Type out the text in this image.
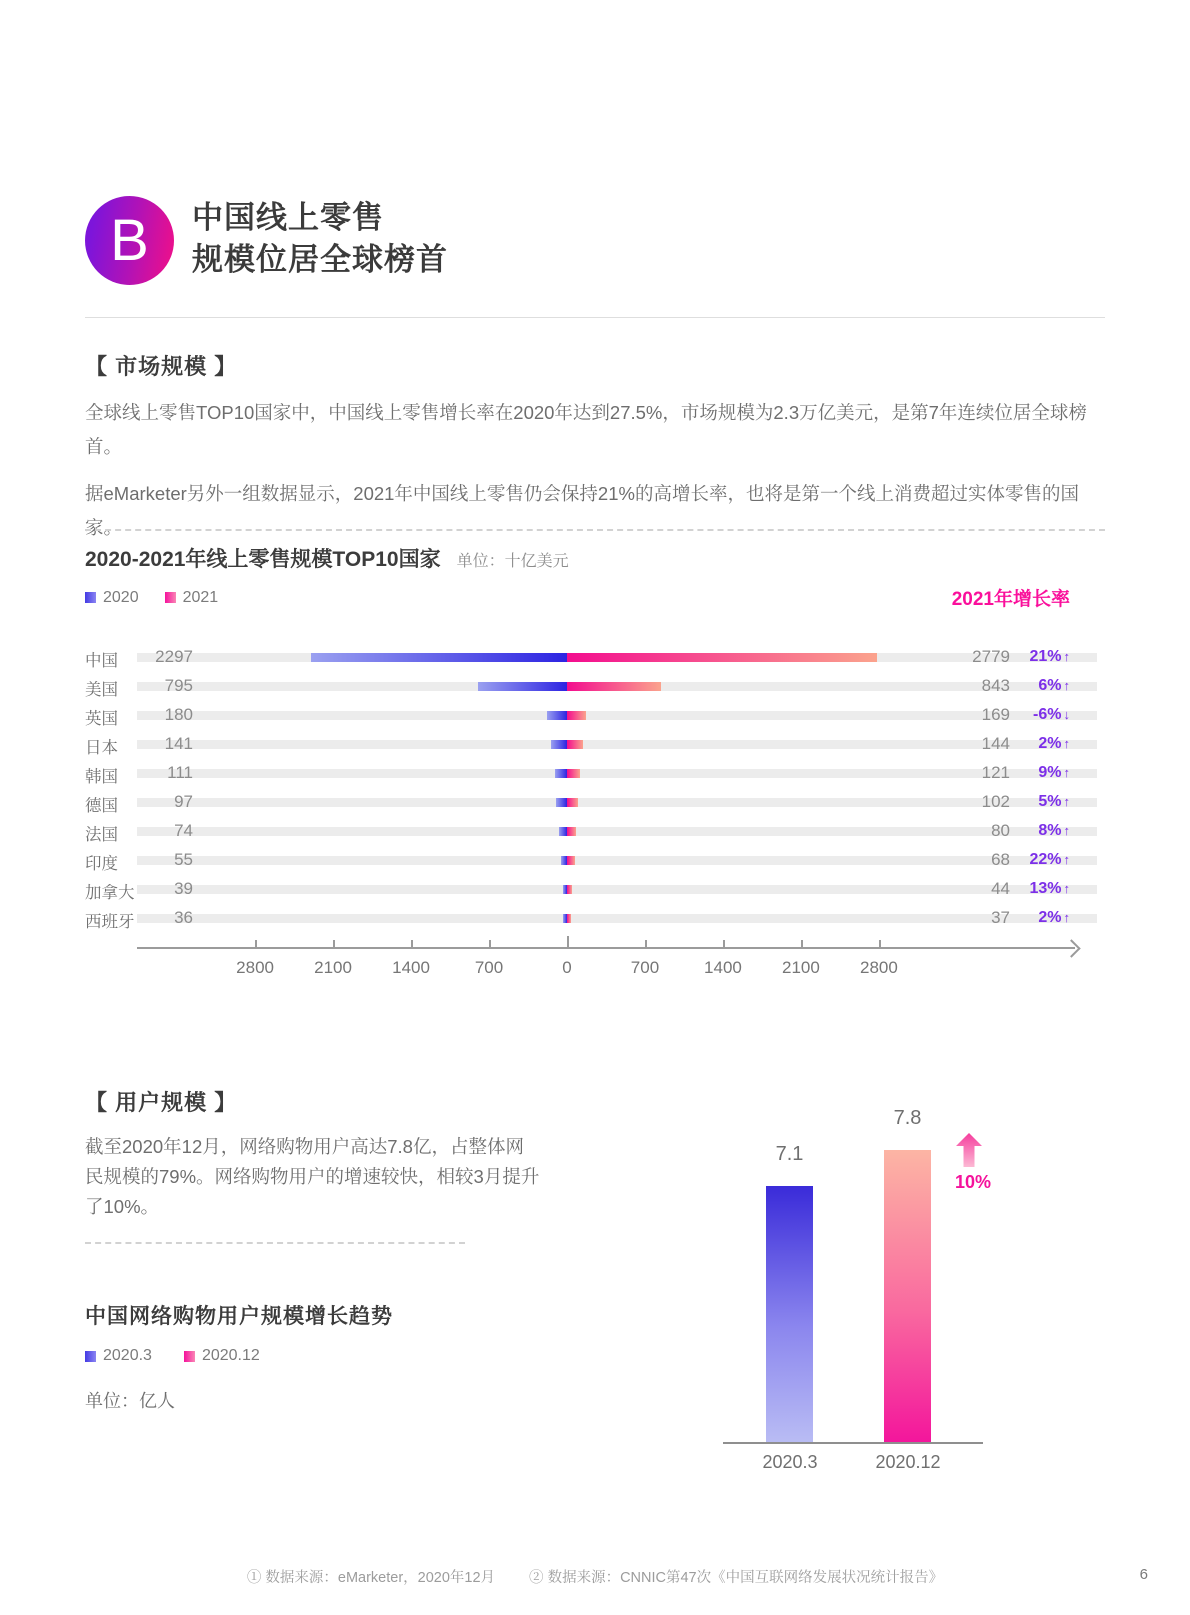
B 中国线上零售
规模位居全球榜首
【 市场规模 】

全球线上零售TOP10国家中，中国线上零售增长率在2020年达到27.5%，市场规模为2.3万亿美元，是第7年连续位居全球榜首。

据eMarketer另外一组数据显示，2021年中国线上零售仍会保持21%的高增长率，也将是第一个线上消费超过实体零售的国家。

2020-2021年线上零售规模TOP10国家 单位：十亿美元
2020	2021	2021年增长率
中国	2297	2779	21% ↑
美国	795	843	6% ↑
英国	180	169	-6% ↓
日本	141	144	2% ↑
韩国	111	121	9% ↑
德国	97	102	5% ↑
法国	74	80	8% ↑
印度	55	68	22% ↑
加拿大	39	44	13% ↑
西班牙	36	37	2% ↑
2800	2100	1400	700	0	700	1400	2100	2800
【 用户规模 】

截至2020年12月，网络购物用户高达7.8亿，占整体网民规模的79%。网络购物用户的增速较快，相较3月提升了10%。

中国网络购物用户规模增长趋势
2020.3	2020.12
单位：亿人
10%
7.1
2020.3
7.8
2020.12
① 数据来源：eMarketer，2020年12月 ② 数据来源：CNNIC第47次《中国互联网络发展状况统计报告》	6
